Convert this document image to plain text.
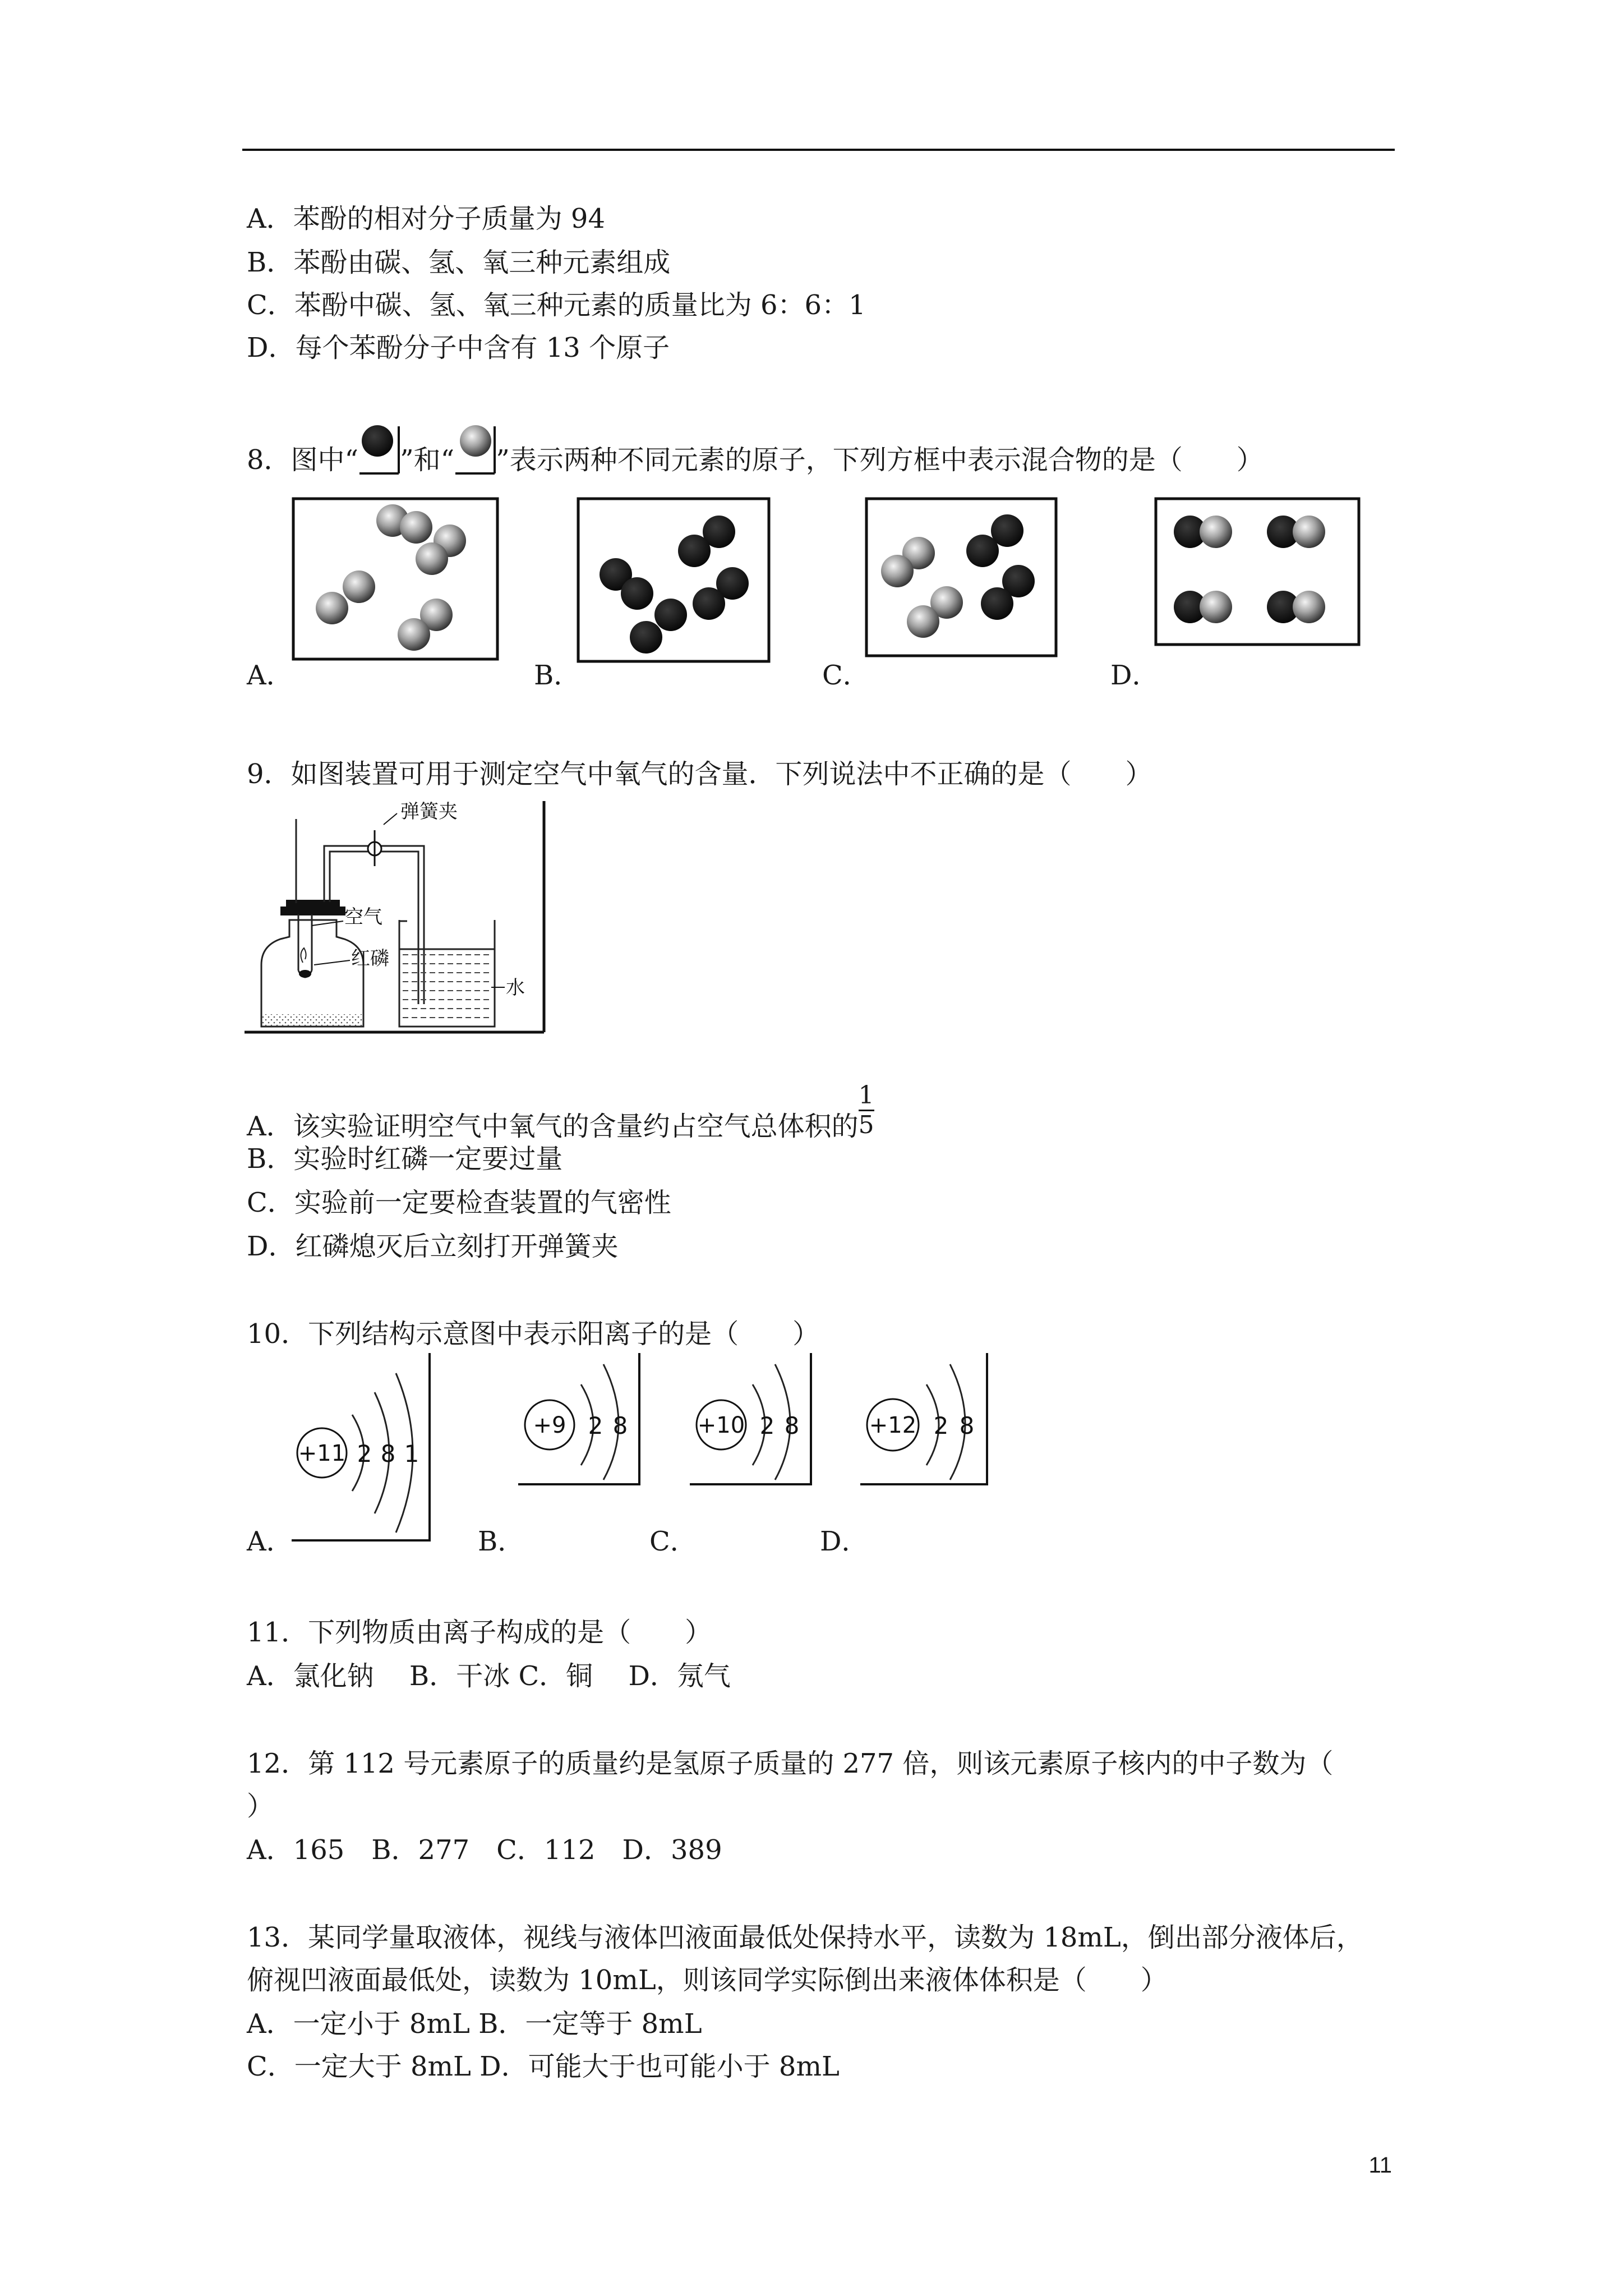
A．苯酚的相对分子质量为 94
B．苯酚由碳、氢、氧三种元素组成
C．苯酚中碳、氢、氧三种元素的质量比为 6：6：1
D．每个苯酚分子中含有 13 个原子
8．图中“ ”和“ ”表示两种不同元素的原子，下列方框中表示混合物的是（　　）
A．	B．	C．	D．
9．如图装置可用于测定空气中氧气的含量．下列说法中不正确的是（　　）
弹簧夹
空气
红磷
水
A．该实验证明空气中氧气的含量约占空气总体积的$\frac{1}{5}$
B．实验时红磷一定要过量
C．实验前一定要检查装置的气密性
D．红磷熄灭后立刻打开弹簧夹
10．下列结构示意图中表示阳离子的是（　　）
+11 2 8 1
A．
+9 2 8
B．
+10 2 8
C．
+12 2 8
D．
11．下列物质由离子构成的是（　　）
A．氯化钠　 B．干冰 C．铜　 D．氖气
12．第 112 号元素原子的质量约是氢原子质量的 277 倍，则该元素原子核内的中子数为（
）
A．165　B．277　C．112　D．389
13．某同学量取液体，视线与液体凹液面最低处保持水平，读数为 18mL，倒出部分液体后，
俯视凹液面最低处，读数为 10mL，则该同学实际倒出来液体体积是（　　）
A．一定小于 8mL B．一定等于 8mL
C．一定大于 8mL D．可能大于也可能小于 8mL
11
